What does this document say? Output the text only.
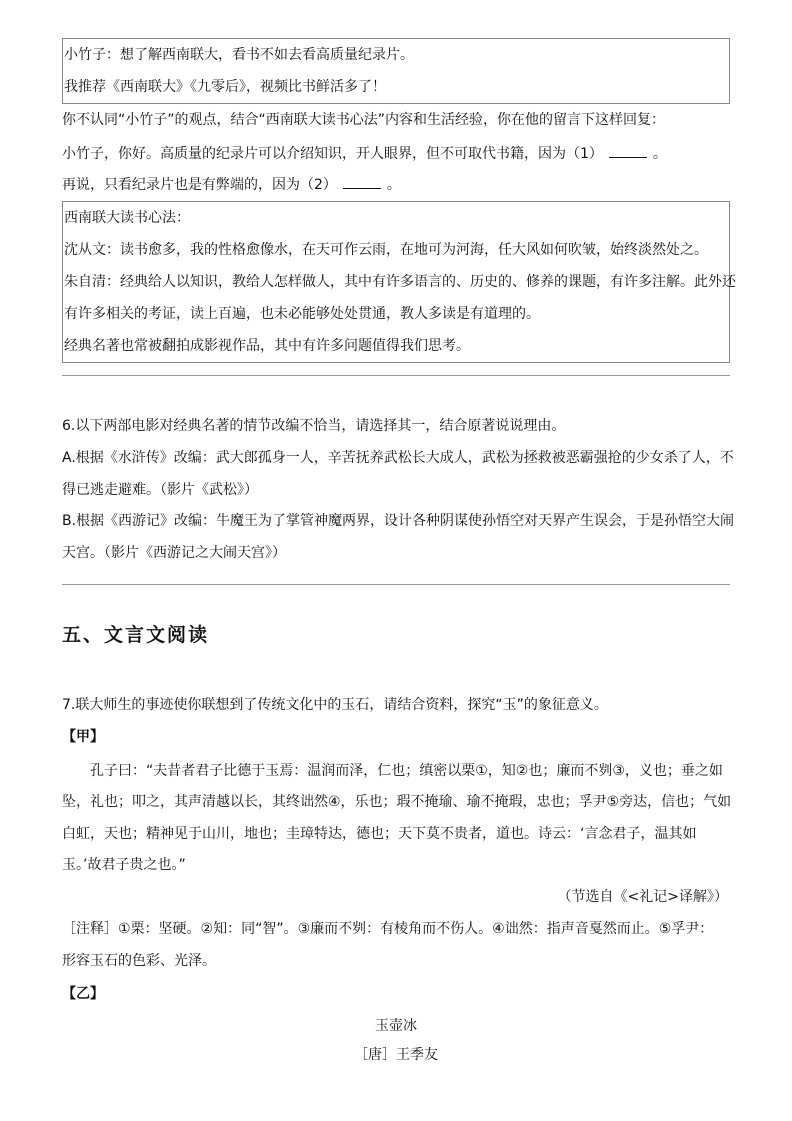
小竹子：想了解西南联大，看书不如去看高质量纪录片。
我推荐《西南联大》《九零后》，视频比书鲜活多了！
你不认同“小竹子”的观点，结合“西南联大读书心法”内容和生活经验，你在他的留言下这样回复：
小竹子，你好。高质量的纪录片可以介绍知识，开人眼界，但不可取代书籍，因为（1）	。
再说，只看纪录片也是有弊端的，因为（2）	。
西南联大读书心法：
沈从文：读书愈多，我的性格愈像水，在天可作云雨，在地可为河海，任大风如何吹皱，始终淡然处之。
朱自清：经典给人以知识，教给人怎样做人，其中有许多语言的、历史的、修养的课题，有许多注解。此外还
有许多相关的考证，读上百遍，也未必能够处处贯通，教人多读是有道理的。
经典名著也常被翻拍成影视作品，其中有许多问题值得我们思考。
6.以下两部电影对经典名著的情节改编不恰当，请选择其一，结合原著说说理由。
A.根据《水浒传》改编：武大郎孤身一人，辛苦抚养武松长大成人，武松为拯救被恶霸强抢的少女杀了人，不
得已逃走避难。（影片《武松》）
B.根据《西游记》改编：牛魔王为了掌管神魔两界，设计各种阴谋使孙悟空对天界产生误会，于是孙悟空大闹
天宫。（影片《西游记之大闹天宫》）
五、文言文阅读
7.联大师生的事迹使你联想到了传统文化中的玉石，请结合资料，探究“玉”的象征意义。
【甲】
孔子曰：“夫昔者君子比德于玉焉：温润而泽，仁也；缜密以栗①，知②也；廉而不刿③，义也；垂之如
坠，礼也；叩之，其声清越以长，其终诎然④，乐也；瑕不掩瑜、瑜不掩瑕，忠也；孚尹⑤旁达，信也；气如
白虹，天也；精神见于山川，地也；圭璋特达，德也；天下莫不贵者，道也。诗云：‘言念君子，温其如
玉。’故君子贵之也。”
（节选自《<礼记>译解》）
［注释］①栗：坚硬。②知：同“智”。③廉而不刿：有棱角而不伤人。④诎然：指声音戛然而止。⑤孚尹：
形容玉石的色彩、光泽。
【乙】
玉壶冰
［唐］王季友
